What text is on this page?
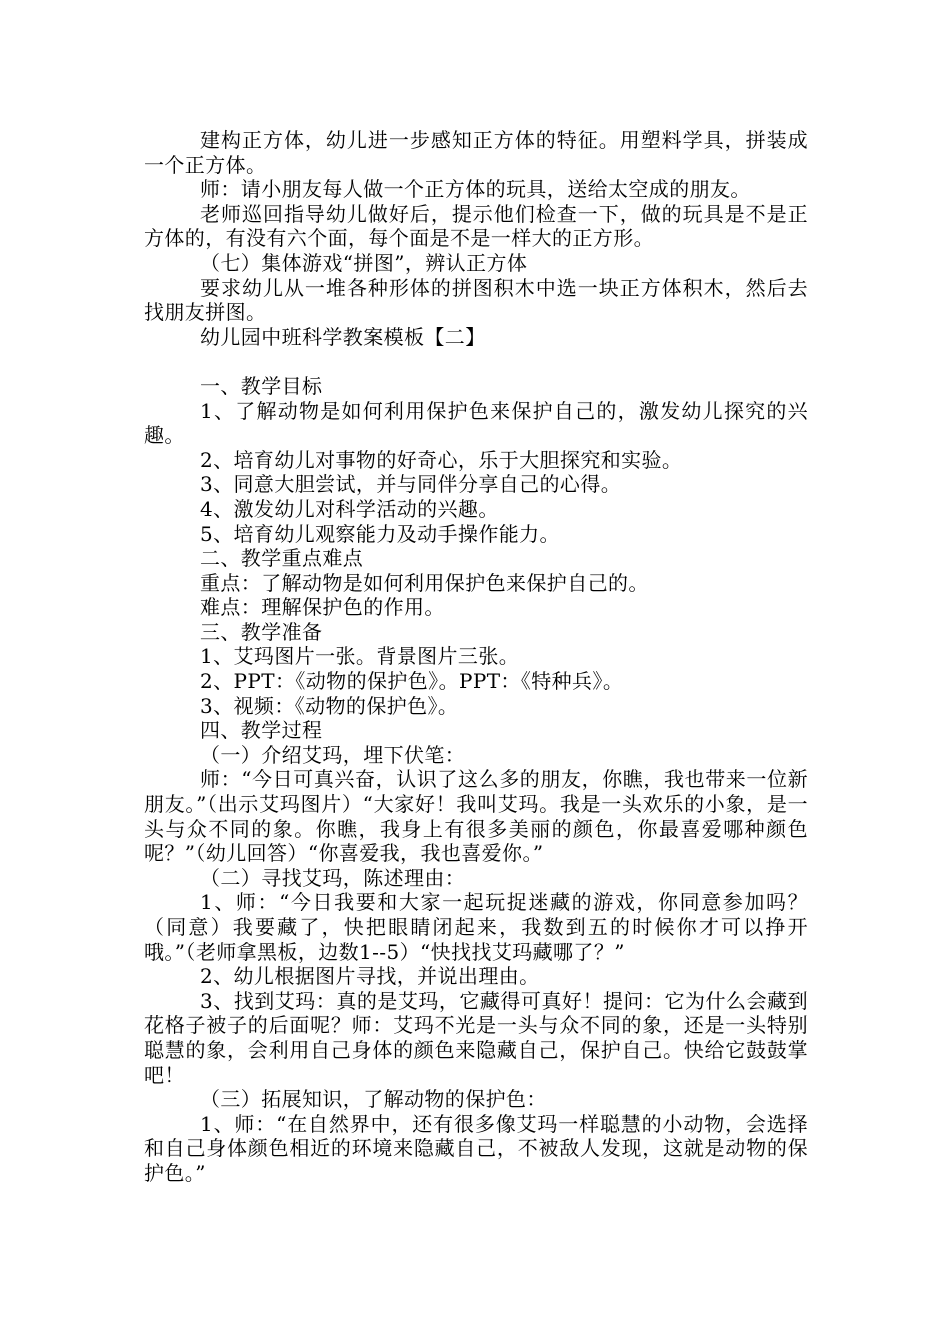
建构正方体，幼儿进一步感知正方体的特征。用塑料学具，拼装成一个正方体。

师：请小朋友每人做一个正方体的玩具，送给太空成的朋友。

老师巡回指导幼儿做好后，提示他们检查一下，做的玩具是不是正方体的，有没有六个面，每个面是不是一样大的正方形。

（七）集体游戏“拼图”，辨认正方体

要求幼儿从一堆各种形体的拼图积木中选一块正方体积木，然后去找朋友拼图。

幼儿园中班科学教案模板【二】

一、教学目标

1、了解动物是如何利用保护色来保护自己的，激发幼儿探究的兴趣。

2、培育幼儿对事物的好奇心，乐于大胆探究和实验。

3、同意大胆尝试，并与同伴分享自己的心得。

4、激发幼儿对科学活动的兴趣。

5、培育幼儿观察能力及动手操作能力。

二、教学重点难点

重点：了解动物是如何利用保护色来保护自己的。

难点：理解保护色的作用。

三、教学准备

1、艾玛图片一张。背景图片三张。

2、PPT：《动物的保护色》。PPT：《特种兵》。

3、视频：《动物的保护色》。

四、教学过程

（一）介绍艾玛，埋下伏笔：

师：“今日可真兴奋，认识了这么多的朋友，你瞧，我也带来一位新朋友。”（出示艾玛图片）“大家好！我叫艾玛。我是一头欢乐的小象，是一头与众不同的象。你瞧，我身上有很多美丽的颜色，你最喜爱哪种颜色呢？”（幼儿回答）“你喜爱我，我也喜爱你。”

（二）寻找艾玛，陈述理由：

1、师：“今日我要和大家一起玩捉迷藏的游戏，你同意参加吗？（同意）我要藏了，快把眼睛闭起来，我数到五的时候你才可以挣开哦。”（老师拿黑板，边数1--5）“快找找艾玛藏哪了？”

2、幼儿根据图片寻找，并说出理由。

3、找到艾玛：真的是艾玛，它藏得可真好！提问：它为什么会藏到花格子被子的后面呢？师：艾玛不光是一头与众不同的象，还是一头特别聪慧的象，会利用自己身体的颜色来隐藏自己，保护自己。快给它鼓鼓掌吧！

（三）拓展知识，了解动物的保护色：

1、师：“在自然界中，还有很多像艾玛一样聪慧的小动物，会选择和自己身体颜色相近的环境来隐藏自己，不被敌人发现，这就是动物的保护色。”
